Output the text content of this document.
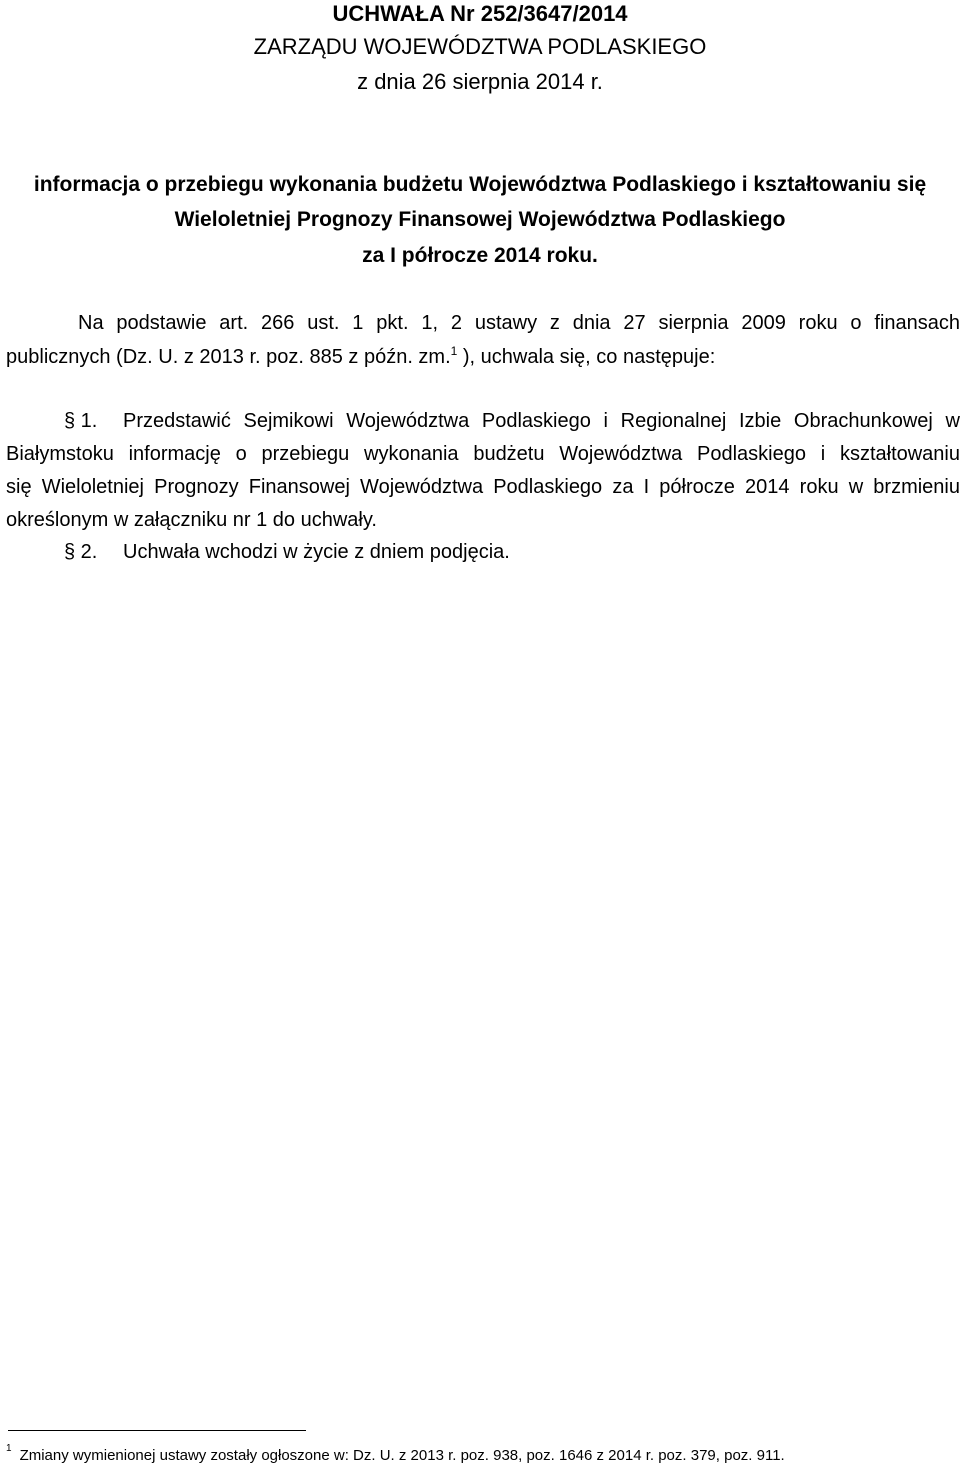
UCHWAŁA Nr 252/3647/2014
ZARZĄDU WOJEWÓDZTWA PODLASKIEGO
z dnia 26 sierpnia 2014 r.
informacja o przebiegu wykonania budżetu Województwa Podlaskiego i kształtowaniu się
Wieloletniej Prognozy Finansowej Województwa Podlaskiego
za I półrocze 2014 roku.
Na podstawie art. 266 ust. 1 pkt. 1, 2 ustawy z dnia 27 sierpnia 2009 roku o finansach
publicznych (Dz. U. z 2013 r. poz. 885 z późn. zm.$^1$ ), uchwala się, co następuje:
§ 1. Przedstawić Sejmikowi Województwa Podlaskiego i Regionalnej Izbie Obrachunkowej w
Białymstoku informację o przebiegu wykonania budżetu Województwa Podlaskiego i kształtowaniu
się Wieloletniej Prognozy Finansowej Województwa Podlaskiego za I półrocze 2014 roku w brzmieniu
określonym w załączniku nr 1 do uchwały.
§ 2. Uchwała wchodzi w życie z dniem podjęcia.
$^1$ Zmiany wymienionej ustawy zostały ogłoszone w: Dz. U. z 2013 r. poz. 938, poz. 1646 z 2014 r. poz. 379, poz. 911.
